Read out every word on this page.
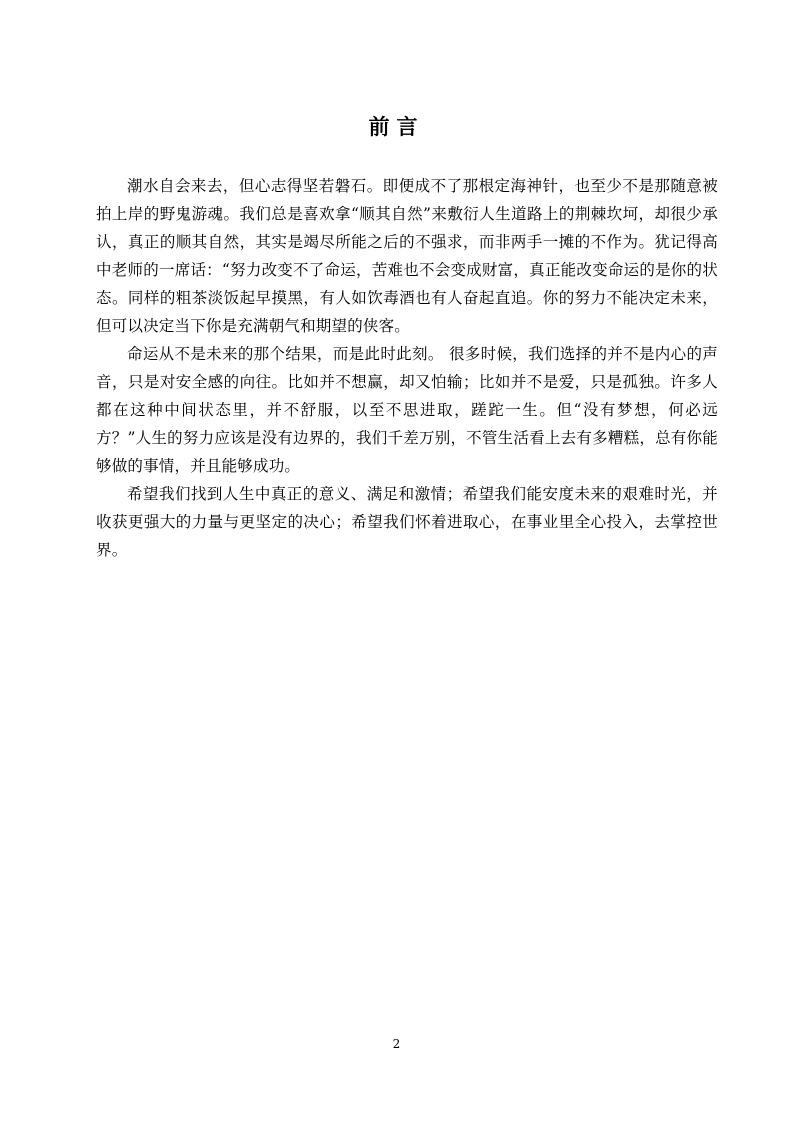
前言

潮水自会来去，但心志得坚若磐石。即便成不了那根定海神针，也至少不是那随意被拍上岸的野鬼游魂。我们总是喜欢拿“顺其自然”来敷衍人生道路上的荆棘坎坷，却很少承认，真正的顺其自然，其实是竭尽所能之后的不强求，而非两手一摊的不作为。犹记得高中老师的一席话：“努力改变不了命运，苦难也不会变成财富，真正能改变命运的是你的状态。同样的粗茶淡饭起早摸黑，有人如饮毒酒也有人奋起直追。你的努力不能决定未来，但可以决定当下你是充满朝气和期望的侠客。

命运从不是未来的那个结果，而是此时此刻。 很多时候，我们选择的并不是内心的声音，只是对安全感的向往。比如并不想赢，却又怕输；比如并不是爱，只是孤独。许多人都在这种中间状态里，并不舒服，以至不思进取，蹉跎一生。但“没有梦想，何必远方？”人生的努力应该是没有边界的，我们千差万别，不管生活看上去有多糟糕，总有你能够做的事情，并且能够成功。

希望我们找到人生中真正的意义、满足和激情；希望我们能安度未来的艰难时光，并收获更强大的力量与更坚定的决心；希望我们怀着进取心，在事业里全心投入，去掌控世界。

2
